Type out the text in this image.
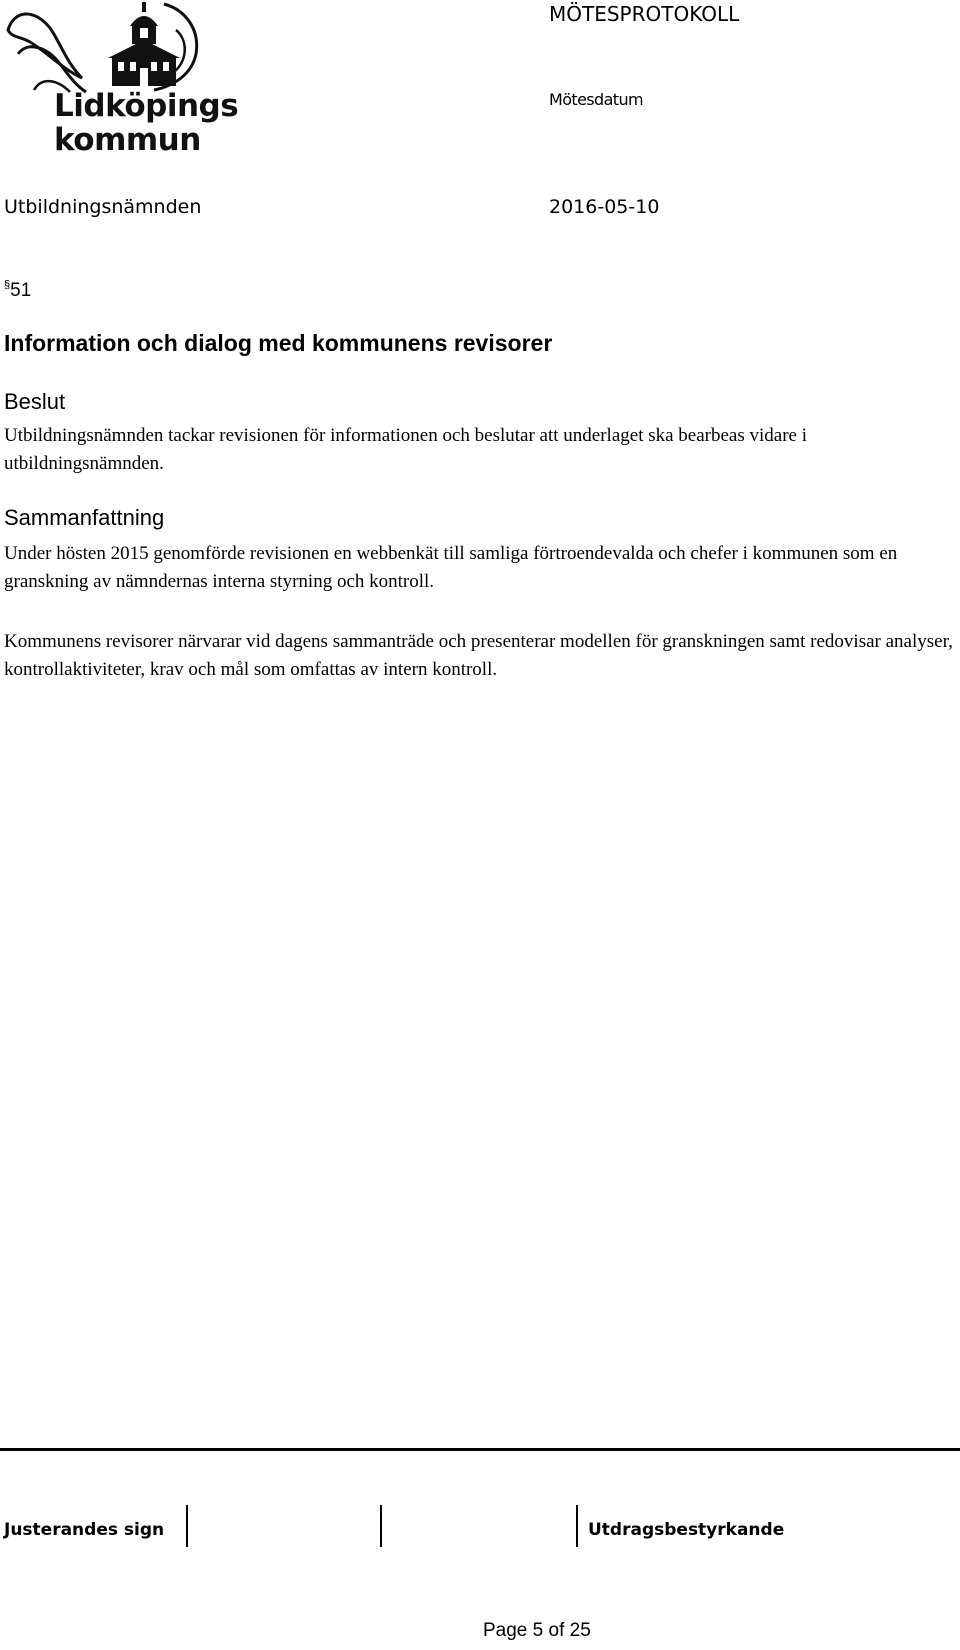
Lidköpings
kommun
MÖTESPROTOKOLL
Mötesdatum
Utbildningsnämnden	2016-05-10
§51
Information och dialog med kommunens revisorer
Beslut

Utbildningsnämnden tackar revisionen för informationen och beslutar att underlaget ska bearbeas vidare i utbildningsnämnden.

Sammanfattning

Under hösten 2015 genomförde revisionen en webbenkät till samliga förtroendevalda och chefer i kommunen som en granskning av nämndernas interna styrning och kontroll.

Kommunens revisorer närvarar vid dagens sammanträde och presenterar modellen för granskningen samt redovisar analyser, kontrollaktiviteter, krav och mål som omfattas av intern kontroll.

Justerandes sign	Utdragsbestyrkande
Page 5 of 25
